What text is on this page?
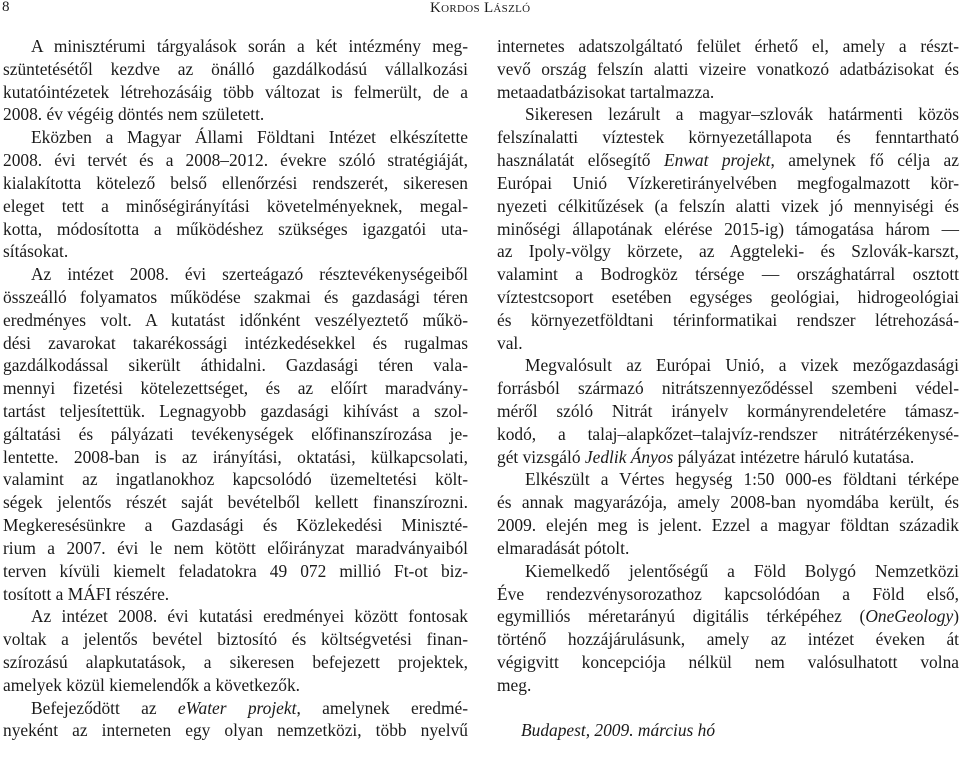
8	Kordos László
A minisztérumi tárgyalások során a két intézmény meg-
szüntetésétől kezdve az önálló gazdálkodású vállalkozási
kutatóintézetek létrehozásáig több változat is felmerült, de a
2008. év végéig döntés nem született.
Eközben a Magyar Állami Földtani Intézet elkészítette
2008. évi tervét és a 2008–2012. évekre szóló stratégiáját,
kialakította kötelező belső ellenőrzési rendszerét, sikeresen
eleget tett a minőségirányítási követelményeknek, megal-
kotta, módosította a működéshez szükséges igazgatói uta-
sításokat.
Az intézet 2008. évi szerteágazó résztevékenységeiből
összeálló folyamatos működése szakmai és gazdasági téren
eredményes volt. A kutatást időnként veszélyeztető műkö-
dési zavarokat takarékossági intézkedésekkel és rugalmas
gazdálkodással sikerült áthidalni. Gazdasági téren vala-
mennyi fizetési kötelezettséget, és az előírt maradvány-
tartást teljesítettük. Legnagyobb gazdasági kihívást a szol-
gáltatási és pályázati tevékenységek előfinanszírozása je-
lentette. 2008-ban is az irányítási, oktatási, külkapcsolati,
valamint az ingatlanokhoz kapcsolódó üzemeltetési költ-
ségek jelentős részét saját bevételből kellett finanszírozni.
Megkeresésünkre a Gazdasági és Közlekedési Miniszté-
rium a 2007. évi le nem kötött előirányzat maradványaiból
terven kívüli kiemelt feladatokra 49 072 millió Ft-ot biz-
tosított a MÁFI részére.
Az intézet 2008. évi kutatási eredményei között fontosak
voltak a jelentős bevétel biztosító és költségvetési finan-
szírozású alapkutatások, a sikeresen befejezett projektek,
amelyek közül kiemelendők a következők.
Befejeződött az eWater projekt, amelynek eredmé-
nyeként az interneten egy olyan nemzetközi, több nyelvű
internetes adatszolgáltató felület érhető el, amely a részt-
vevő ország felszín alatti vizeire vonatkozó adatbázisokat és
metaadatbázisokat tartalmazza.
Sikeresen lezárult a magyar–szlovák határmenti közös
felszínalatti víztestek környezetállapota és fenntartható
használatát elősegítő Enwat projekt, amelynek fő célja az
Európai Unió Vízkeretirányelvében megfogalmazott kör-
nyezeti célkitűzések (a felszín alatti vizek jó mennyiségi és
minőségi állapotának elérése 2015-ig) támogatása három —
az Ipoly-völgy körzete, az Aggteleki- és Szlovák-karszt,
valamint a Bodrogköz térsége — országhatárral osztott
víztestcsoport esetében egységes geológiai, hidrogeológiai
és környezetföldtani térinformatikai rendszer létrehozásá-
val.
Megvalósult az Európai Unió, a vizek mezőgazdasági
forrásból származó nitrátszennyeződéssel szembeni védel-
méről szóló Nitrát irányelv kormányrendeletére támasz-
kodó, a talaj–alapkőzet–talajvíz-rendszer nitrátérzékenysé-
gét vizsgáló Jedlik Ányos pályázat intézetre háruló kutatása.
Elkészült a Vértes hegység 1:50 000-es földtani térképe
és annak magyarázója, amely 2008-ban nyomdába került, és
2009. elején meg is jelent. Ezzel a magyar földtan századik
elmaradását pótolt.
Kiemelkedő jelentőségű a Föld Bolygó Nemzetközi
Éve rendezvénysorozathoz kapcsolódóan a Föld első,
egymilliós méretarányú digitális térképéhez (OneGeology)
történő hozzájárulásunk, amely az intézet éveken át
végigvitt koncepciója nélkül nem valósulhatott volna
meg.
Budapest, 2009. március hó
